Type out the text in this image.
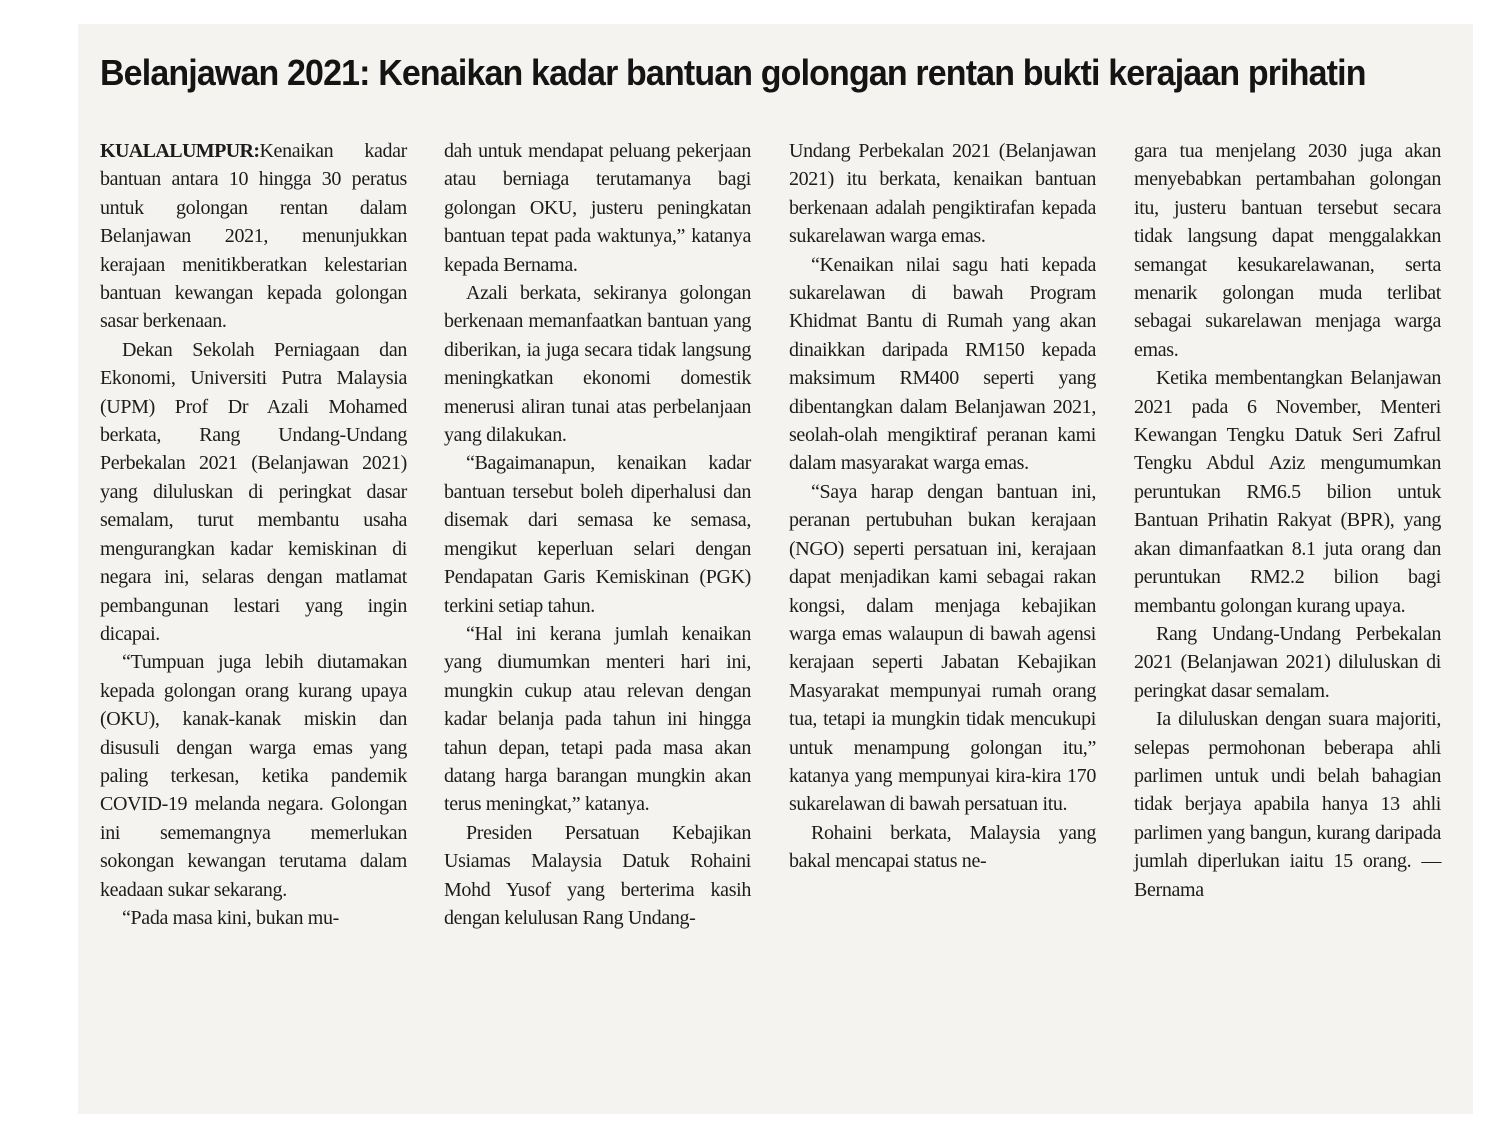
Belanjawan 2021: Kenaikan kadar bantuan golongan rentan bukti kerajaan prihatin

KUALALUMPUR:Kenaikan kadar bantuan antara 10 hingga 30 peratus untuk golongan rentan dalam Belanjawan 2021, menunjukkan kerajaan menitikberatkan kelestarian bantuan kewangan kepada golongan sasar berkenaan.

Dekan Sekolah Perniagaan dan Ekonomi, Universiti Putra Malaysia (UPM) Prof Dr Azali Mohamed berkata, Rang Undang-Undang Perbekalan 2021 (Belanjawan 2021) yang diluluskan di peringkat dasar semalam, turut membantu usaha mengurangkan kadar kemiskinan di negara ini, selaras dengan matlamat pembangunan lestari yang ingin dicapai.

“Tumpuan juga lebih diutamakan kepada golongan orang kurang upaya (OKU), kanak-kanak miskin dan disusuli dengan warga emas yang paling terkesan, ketika pandemik COVID-19 melanda negara. Golongan ini sememangnya memerlukan sokongan kewangan terutama dalam keadaan sukar sekarang.

“Pada masa kini, bukan mu-

dah untuk mendapat peluang pekerjaan atau berniaga terutamanya bagi golongan OKU, justeru peningkatan bantuan tepat pada waktunya,” katanya kepada Bernama.

Azali berkata, sekiranya golongan berkenaan memanfaatkan bantuan yang diberikan, ia juga secara tidak langsung meningkatkan ekonomi domestik menerusi aliran tunai atas perbelanjaan yang dilakukan.

“Bagaimanapun, kenaikan kadar bantuan tersebut boleh diperhalusi dan disemak dari semasa ke semasa, mengikut keperluan selari dengan Pendapatan Garis Kemiskinan (PGK) terkini setiap tahun.

“Hal ini kerana jumlah kenaikan yang diumumkan menteri hari ini, mungkin cukup atau relevan dengan kadar belanja pada tahun ini hingga tahun depan, tetapi pada masa akan datang harga barangan mungkin akan terus meningkat,” katanya.

Presiden Persatuan Kebajikan Usiamas Malaysia Datuk Rohaini Mohd Yusof yang berterima kasih dengan kelulusan Rang Undang-

Undang Perbekalan 2021 (Belanjawan 2021) itu berkata, kenaikan bantuan berkenaan adalah pengiktirafan kepada sukarelawan warga emas.

“Kenaikan nilai sagu hati kepada sukarelawan di bawah Program Khidmat Bantu di Rumah yang akan dinaikkan daripada RM150 kepada maksimum RM400 seperti yang dibentangkan dalam Belanjawan 2021, seolah-olah mengiktiraf peranan kami dalam masyarakat warga emas.

“Saya harap dengan bantuan ini, peranan pertubuhan bukan kerajaan (NGO) seperti persatuan ini, kerajaan dapat menjadikan kami sebagai rakan kongsi, dalam menjaga kebajikan warga emas walaupun di bawah agensi kerajaan seperti Jabatan Kebajikan Masyarakat mempunyai rumah orang tua, tetapi ia mungkin tidak mencukupi untuk menampung golongan itu,” katanya yang mempunyai kira-kira 170 sukarelawan di bawah persatuan itu.

Rohaini berkata, Malaysia yang bakal mencapai status ne-

gara tua menjelang 2030 juga akan menyebabkan pertambahan golongan itu, justeru bantuan tersebut secara tidak langsung dapat menggalakkan semangat kesukarelawanan, serta menarik golongan muda terlibat sebagai sukarelawan menjaga warga emas.

Ketika membentangkan Belanjawan 2021 pada 6 November, Menteri Kewangan Tengku Datuk Seri Zafrul Tengku Abdul Aziz mengumumkan peruntukan RM6.5 bilion untuk Bantuan Prihatin Rakyat (BPR), yang akan dimanfaatkan 8.1 juta orang dan peruntukan RM2.2 bilion bagi membantu golongan kurang upaya.

Rang Undang-Undang Perbekalan 2021 (Belanjawan 2021) diluluskan di peringkat dasar semalam.

Ia diluluskan dengan suara majoriti, selepas permohonan beberapa ahli parlimen untuk undi belah bahagian tidak berjaya apabila hanya 13 ahli parlimen yang bangun, kurang daripada jumlah diperlukan iaitu 15 orang. — Bernama
